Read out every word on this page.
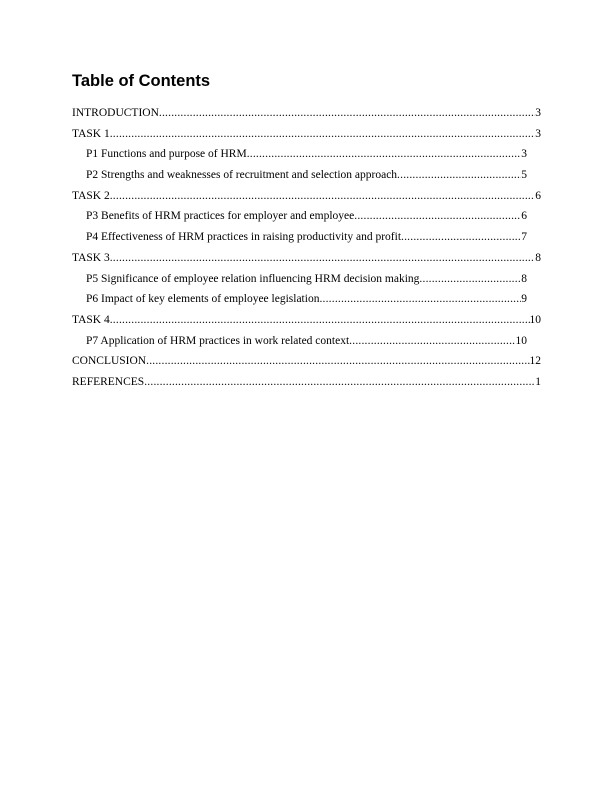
Table of Contents
INTRODUCTION .....	3
TASK 1 .....	3
P1 Functions and purpose of HRM .....	3
P2 Strengths and weaknesses of recruitment and selection approach .....	5
TASK 2 .....	6
P3 Benefits of HRM practices for employer and employee .....	6
P4 Effectiveness of HRM practices in raising productivity and profit .....	7
TASK 3 .....	8
P5 Significance of employee relation influencing HRM decision making .....	8
P6 Impact of key elements of employee legislation .....	9
TASK 4 .....	10
P7 Application of HRM practices in work related context .....	10
CONCLUSION .....	12
REFERENCES .....	1
